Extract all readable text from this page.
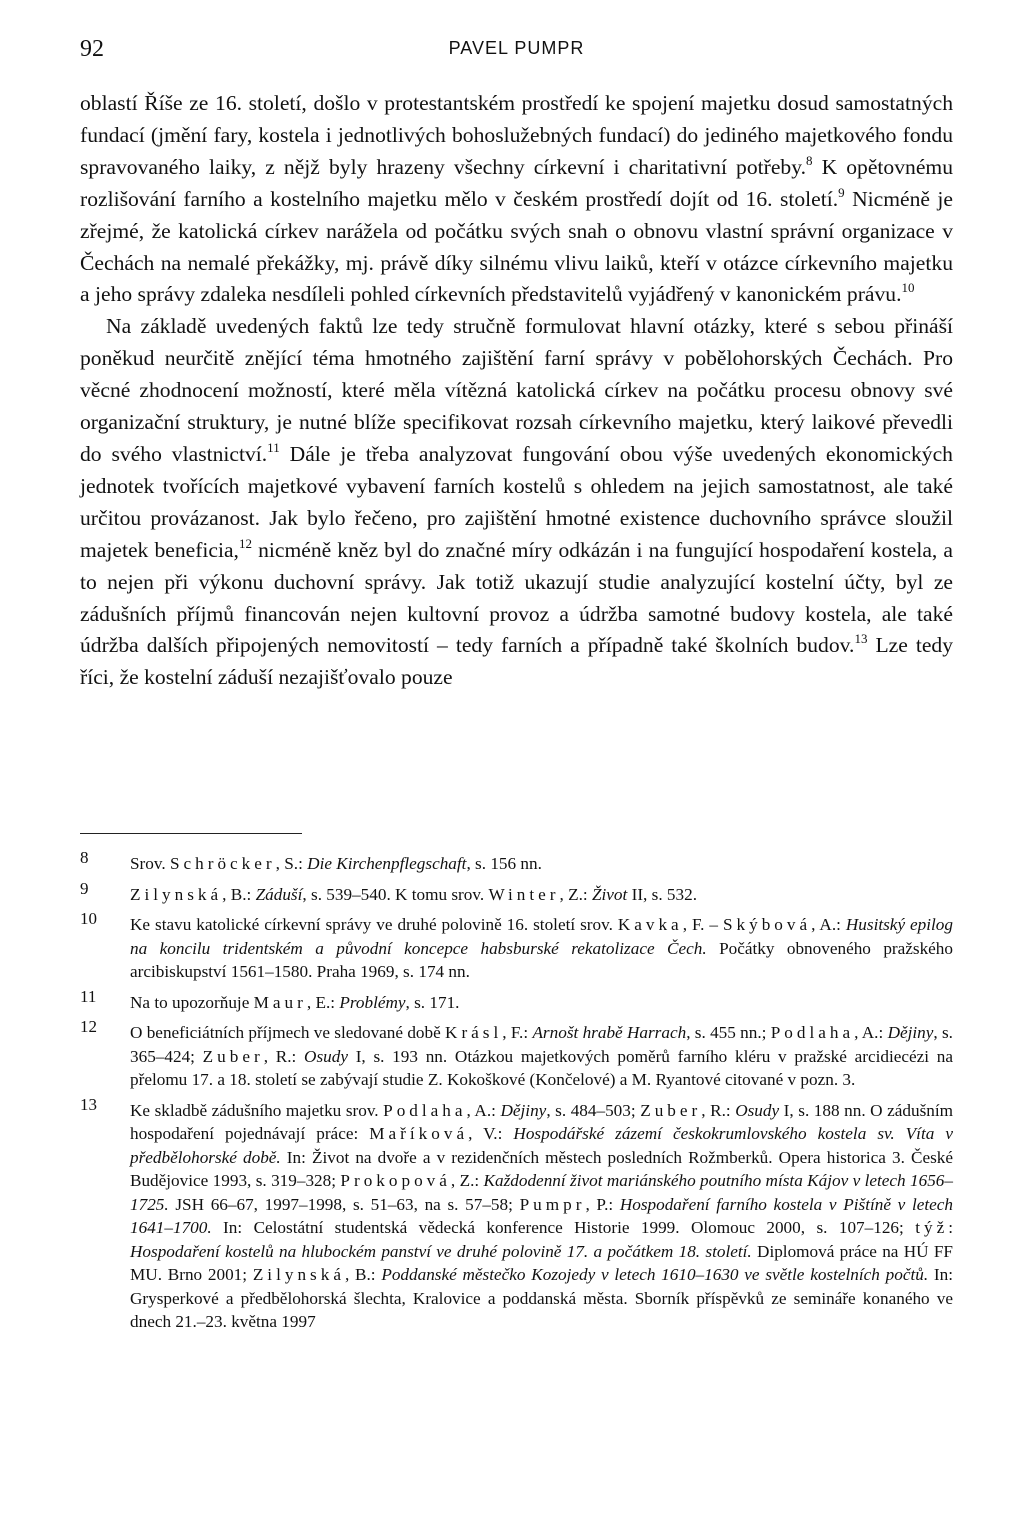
92	PAVEL PUMPR

oblastí Říše ze 16. století, došlo v protestantském prostředí ke spojení majetku dosud samostatných fundací (jmění fary, kostela i jednotlivých bohoslužebných fundací) do jediného majetkového fondu spravovaného laiky, z nějž byly hrazeny všechny církevní i charitativní potřeby.$^8$ K opětovnému rozlišování farního a kostelního majetku mělo v českém prostředí dojít od 16. století.$^9$ Nicméně je zřejmé, že katolická církev narážela od počátku svých snah o obnovu vlastní správní organizace v Čechách na nemalé překážky, mj. právě díky silnému vlivu laiků, kteří v otázce církevního majetku a jeho správy zdaleka nesdíleli pohled církevních představitelů vyjádřený v kanonickém právu.$^{10}$

Na základě uvedených faktů lze tedy stručně formulovat hlavní otázky, které s sebou přináší poněkud neurčitě znějící téma hmotného zajištění farní správy v pobělohorských Čechách. Pro věcné zhodnocení možností, které měla vítězná katolická církev na počátku procesu obnovy své organizační struktury, je nutné blíže specifikovat rozsah církevního majetku, který laikové převedli do svého vlastnictví.$^{11}$ Dále je třeba analyzovat fungování obou výše uvedených ekonomických jednotek tvořících majetkové vybavení farních kostelů s ohledem na jejich samostatnost, ale také určitou provázanost. Jak bylo řečeno, pro zajištění hmotné existence duchovního správce sloužil majetek beneficia,$^{12}$ nicméně kněz byl do značné míry odkázán i na fungující hospodaření kostela, a to nejen při výkonu duchovní správy. Jak totiž ukazují studie analyzující kostelní účty, byl ze zádušních příjmů financován nejen kultovní provoz a údržba samotné budovy kostela, ale také údržba dalších připojených nemovitostí – tedy farních a případně také školních budov.$^{13}$ Lze tedy říci, že kostelní záduší nezajišťovalo pouze

8 Srov. Schröcker, S.: Die Kirchenpflegschaft, s. 156 nn.
9 Zilynská, B.: Záduší, s. 539–540. K tomu srov. Winter, Z.: Život II, s. 532.
10 Ke stavu katolické církevní správy ve druhé polovině 16. století srov. Kavka, F. – Skýbová, A.: Husitský epilog na koncilu tridentském a původní koncepce habsburské rekatolizace Čech. Počátky obnoveného pražského arcibiskupství 1561–1580. Praha 1969, s. 174 nn.
11 Na to upozorňuje Maur, E.: Problémy, s. 171.
12 O beneficiátních příjmech ve sledované době Krásl, F.: Arnošt hrabě Harrach, s. 455 nn.; Podlaha, A.: Dějiny, s. 365–424; Zuber, R.: Osudy I, s. 193 nn. Otázkou majetkových poměrů farního kléru v pražské arcidiecézi na přelomu 17. a 18. století se zabývají studie Z. Kokoškové (Končelové) a M. Ryantové citované v pozn. 3.
13 Ke skladbě zádušního majetku srov. Podlaha, A.: Dějiny, s. 484–503; Zuber, R.: Osudy I, s. 188 nn. O zádušním hospodaření pojednávají práce: Maříková, V.: Hospodářské zázemí českokrumlovského kostela sv. Víta v předbělohorské době. In: Život na dvoře a v rezidenčních městech posledních Rožmberků. Opera historica 3. České Budějovice 1993, s. 319–328; Prokopová, Z.: Každodenní život mariánského poutního místa Kájov v letech 1656–1725. JSH 66–67, 1997–1998, s. 51–63, na s. 57–58; Pumpr, P.: Hospodaření farního kostela v Pištíně v letech 1641–1700. In: Celostátní studentská vědecká konference Historie 1999. Olomouc 2000, s. 107–126; týž: Hospodaření kostelů na hlubockém panství ve druhé polovině 17. a počátkem 18. století. Diplomová práce na HÚ FF MU. Brno 2001; Zilynská, B.: Poddanské městečko Kozojedy v letech 1610–1630 ve světle kostelních počtů. In: Grysperkové a předbělohorská šlechta, Kralovice a poddanská města. Sborník příspěvků ze semináře konaného ve dnech 21.–23. května 1997
